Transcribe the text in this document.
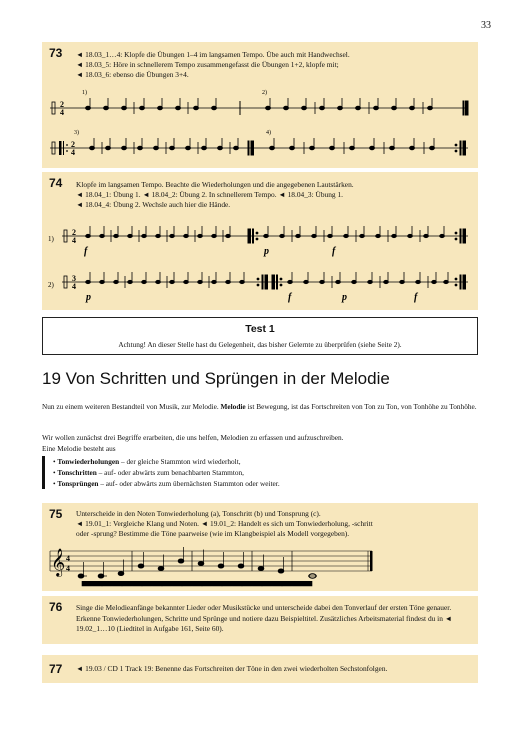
33
73 ◄ 18.03_1…4: Klopfe die Übungen 1–4 im langsamen Tempo. Übe auch mit Handwechsel.
◄ 18.03_5: Höre in schnellerem Tempo zusammengefasst die Übungen 1+2, klopfe mit;
◄ 18.03_6: ebenso die Übungen 3+4.
1)	2)
2
4
3)	4)
2
4
74 Klopfe im langsamen Tempo. Beachte die Wiederholungen und die angegebenen Lautstärken.
◄ 18.04_1: Übung 1. ◄ 18.04_2: Übung 2. In schnellerem Tempo. ◄ 18.04_3: Übung 1.
◄ 18.04_4: Übung 2. Wechsle auch hier die Hände.
1)
2
4
f	p	f
2)
3
4
p	f	p	f
Test 1
Achtung! An dieser Stelle hast du Gelegenheit, das bisher Gelernte zu überprüfen (siehe Seite 2).
19 Von Schritten und Sprüngen in der Melodie
Nun zu einem weiteren Bestandteil von Musik, zur Melodie. Melodie ist Bewegung, ist das Fortschreiten von Ton zu Ton, von Tonhöhe zu Tonhöhe.
Wir wollen zunächst drei Begriffe erarbeiten, die uns helfen, Melodien zu erfassen und aufzuschreiben.
Eine Melodie besteht aus
• Tonwiederholungen – der gleiche Stammton wird wiederholt,
• Tonschritten – auf- oder abwärts zum benachbarten Stammton,
• Tonsprüngen – auf- oder abwärts zum übernächsten Stammton oder weiter.
75 Unterscheide in den Noten Tonwiederholung (a), Tonschritt (b) und Tonsprung (c).
◄ 19.01_1: Vergleiche Klang und Noten. ◄ 19.01_2: Handelt es sich um Tonwiederholung, -schritt
oder -sprung? Bestimme die Töne paarweise (wie im Klangbeispiel als Modell vorgegeben).
𝄞 4
4
76 Singe die Melodieanfänge bekannter Lieder oder Musikstücke und unterscheide dabei den Tonverlauf der ersten Töne genauer. Erkenne Tonwiederholungen, Schritte und Sprünge und notiere dazu Beispieltitel. Zusätzliches Arbeitsmaterial findest du in ◄ 19.02_1…10 (Liedtitel in Aufgabe 161, Seite 60).
77 ◄ 19.03 / CD 1 Track 19: Benenne das Fortschreiten der Töne in den zwei wiederholten Sechstonfolgen.
